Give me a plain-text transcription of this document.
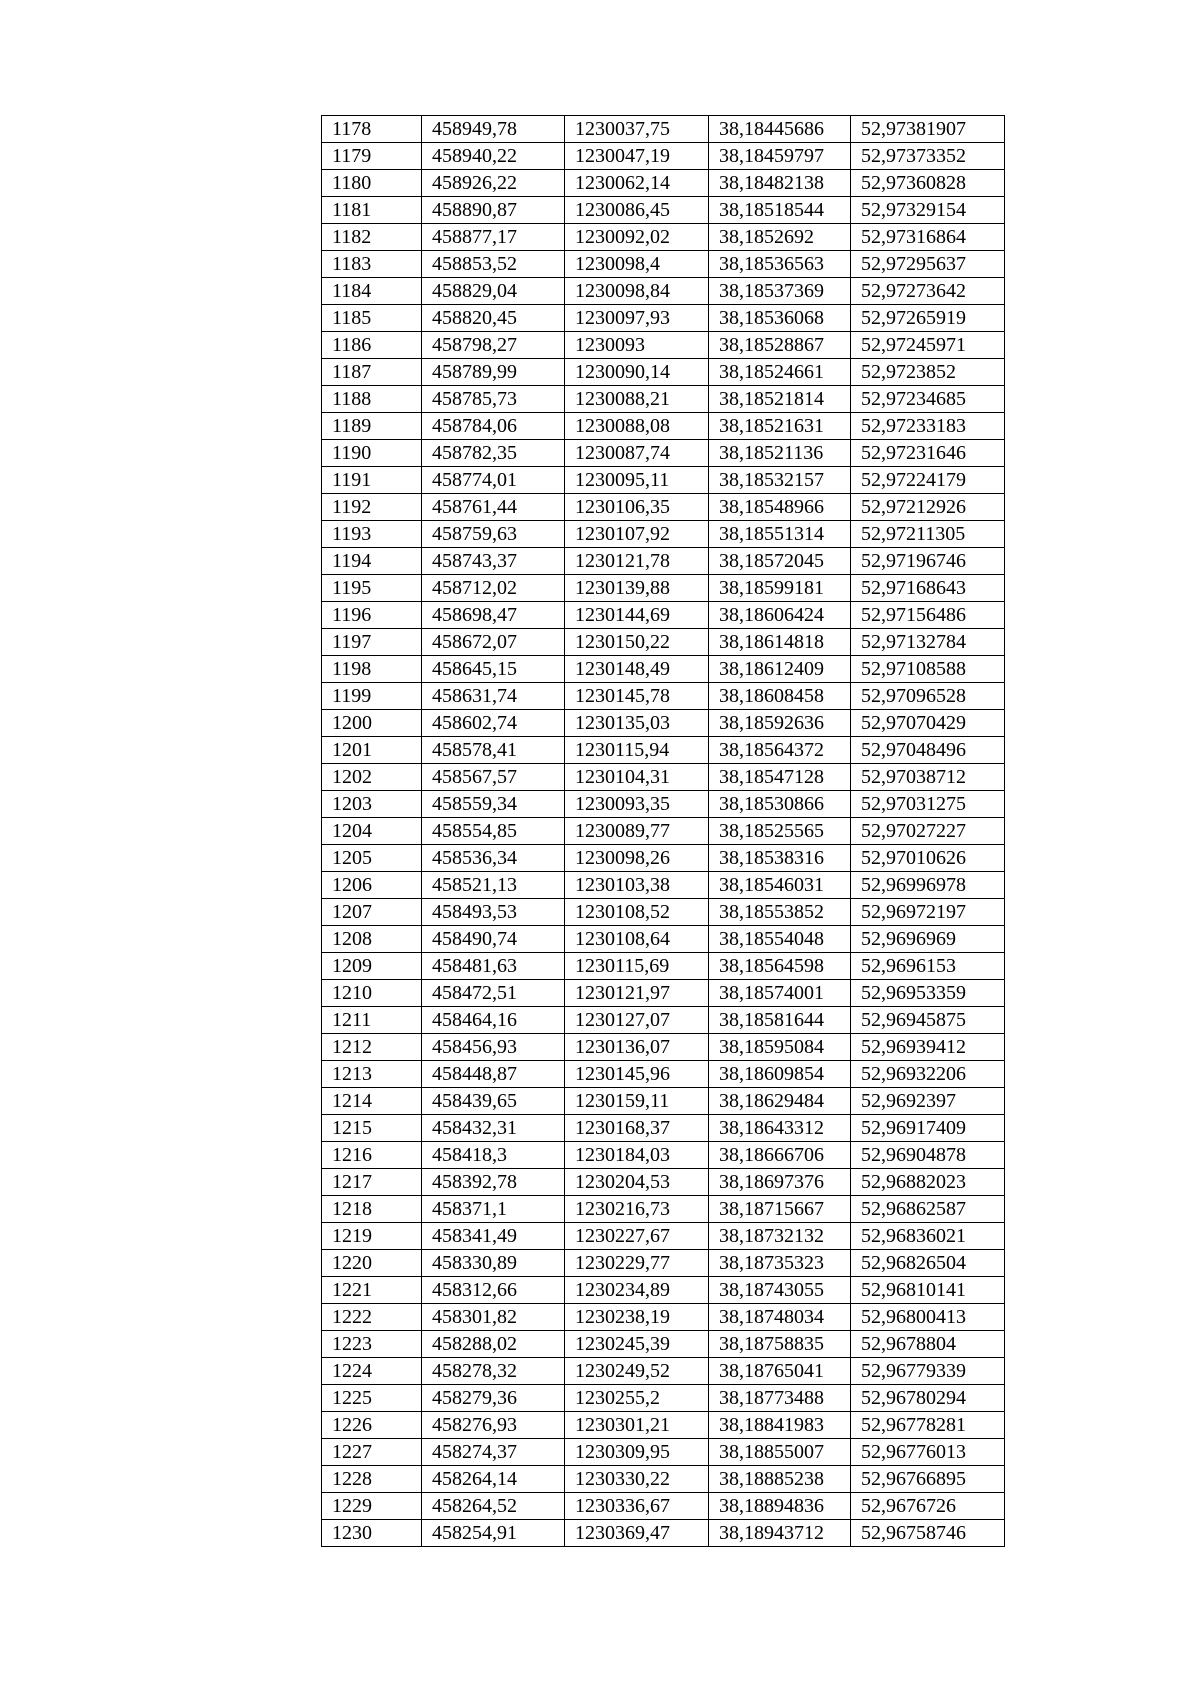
1178	458949,78	1230037,75	38,18445686	52,97381907
1179	458940,22	1230047,19	38,18459797	52,97373352
1180	458926,22	1230062,14	38,18482138	52,97360828
1181	458890,87	1230086,45	38,18518544	52,97329154
1182	458877,17	1230092,02	38,1852692	52,97316864
1183	458853,52	1230098,4	38,18536563	52,97295637
1184	458829,04	1230098,84	38,18537369	52,97273642
1185	458820,45	1230097,93	38,18536068	52,97265919
1186	458798,27	1230093	38,18528867	52,97245971
1187	458789,99	1230090,14	38,18524661	52,9723852
1188	458785,73	1230088,21	38,18521814	52,97234685
1189	458784,06	1230088,08	38,18521631	52,97233183
1190	458782,35	1230087,74	38,18521136	52,97231646
1191	458774,01	1230095,11	38,18532157	52,97224179
1192	458761,44	1230106,35	38,18548966	52,97212926
1193	458759,63	1230107,92	38,18551314	52,97211305
1194	458743,37	1230121,78	38,18572045	52,97196746
1195	458712,02	1230139,88	38,18599181	52,97168643
1196	458698,47	1230144,69	38,18606424	52,97156486
1197	458672,07	1230150,22	38,18614818	52,97132784
1198	458645,15	1230148,49	38,18612409	52,97108588
1199	458631,74	1230145,78	38,18608458	52,97096528
1200	458602,74	1230135,03	38,18592636	52,97070429
1201	458578,41	1230115,94	38,18564372	52,97048496
1202	458567,57	1230104,31	38,18547128	52,97038712
1203	458559,34	1230093,35	38,18530866	52,97031275
1204	458554,85	1230089,77	38,18525565	52,97027227
1205	458536,34	1230098,26	38,18538316	52,97010626
1206	458521,13	1230103,38	38,18546031	52,96996978
1207	458493,53	1230108,52	38,18553852	52,96972197
1208	458490,74	1230108,64	38,18554048	52,9696969
1209	458481,63	1230115,69	38,18564598	52,9696153
1210	458472,51	1230121,97	38,18574001	52,96953359
1211	458464,16	1230127,07	38,18581644	52,96945875
1212	458456,93	1230136,07	38,18595084	52,96939412
1213	458448,87	1230145,96	38,18609854	52,96932206
1214	458439,65	1230159,11	38,18629484	52,9692397
1215	458432,31	1230168,37	38,18643312	52,96917409
1216	458418,3	1230184,03	38,18666706	52,96904878
1217	458392,78	1230204,53	38,18697376	52,96882023
1218	458371,1	1230216,73	38,18715667	52,96862587
1219	458341,49	1230227,67	38,18732132	52,96836021
1220	458330,89	1230229,77	38,18735323	52,96826504
1221	458312,66	1230234,89	38,18743055	52,96810141
1222	458301,82	1230238,19	38,18748034	52,96800413
1223	458288,02	1230245,39	38,18758835	52,9678804
1224	458278,32	1230249,52	38,18765041	52,96779339
1225	458279,36	1230255,2	38,18773488	52,96780294
1226	458276,93	1230301,21	38,18841983	52,96778281
1227	458274,37	1230309,95	38,18855007	52,96776013
1228	458264,14	1230330,22	38,18885238	52,96766895
1229	458264,52	1230336,67	38,18894836	52,9676726
1230	458254,91	1230369,47	38,18943712	52,96758746
